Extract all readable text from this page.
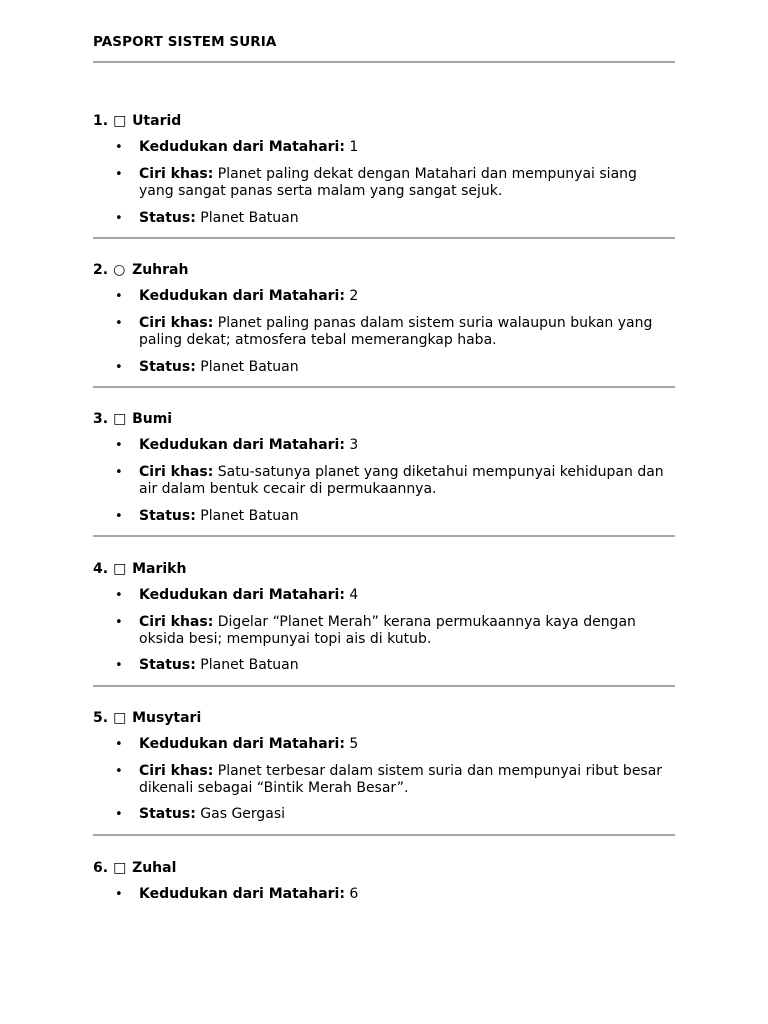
PASPORT SISTEM SURIA
1. □ Utarid
• Kedudukan dari Matahari: 1
• Ciri khas: Planet paling dekat dengan Matahari dan mempunyai siang yang sangat panas serta malam yang sangat sejuk.
• Status: Planet Batuan
2. ○ Zuhrah
• Kedudukan dari Matahari: 2
• Ciri khas: Planet paling panas dalam sistem suria walaupun bukan yang paling dekat; atmosfera tebal memerangkap haba.
• Status: Planet Batuan
3. □ Bumi
• Kedudukan dari Matahari: 3
• Ciri khas: Satu-satunya planet yang diketahui mempunyai kehidupan dan air dalam bentuk cecair di permukaannya.
• Status: Planet Batuan
4. □ Marikh
• Kedudukan dari Matahari: 4
• Ciri khas: Digelar “Planet Merah” kerana permukaannya kaya dengan oksida besi; mempunyai topi ais di kutub.
• Status: Planet Batuan
5. □ Musytari
• Kedudukan dari Matahari: 5
• Ciri khas: Planet terbesar dalam sistem suria dan mempunyai ribut besar dikenali sebagai “Bintik Merah Besar”.
• Status: Gas Gergasi
6. □ Zuhal
• Kedudukan dari Matahari: 6
